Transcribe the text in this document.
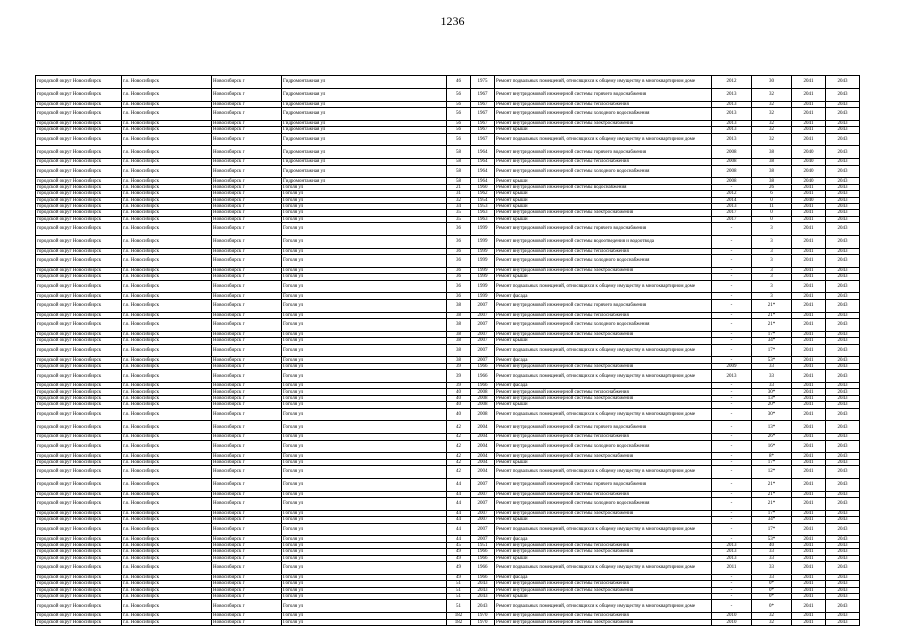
1236
городской округ Новосибирск	г.о. Новосибирск	Новосибирск г	Гидромонтажная ул	46	1975	Ремонт подвальных помещений, относящихся к общему имуществу в многоквартирном доме	2012	30	2041	2043
городской округ Новосибирск	г.о. Новосибирск	Новосибирск г	Гидромонтажная ул	56	1967	Ремонт внутридомовой инженерной системы горячего водоснабжения	2013	32	2041	2043
городской округ Новосибирск	г.о. Новосибирск	Новосибирск г	Гидромонтажная ул	56	1967	Ремонт внутридомовой инженерной системы теплоснабжения	2013	32	2041	2043
городской округ Новосибирск	г.о. Новосибирск	Новосибирск г	Гидромонтажная ул	56	1967	Ремонт внутридомовой инженерной системы холодного водоснабжения	2013	32	2041	2043
городской округ Новосибирск	г.о. Новосибирск	Новосибирск г	Гидромонтажная ул	56	1967	Ремонт внутридомовой инженерной системы электроснабжения	2013	32	2041	2043
городской округ Новосибирск	г.о. Новосибирск	Новосибирск г	Гидромонтажная ул	56	1967	Ремонт крыши	2013	32	2041	2043
городской округ Новосибирск	г.о. Новосибирск	Новосибирск г	Гидромонтажная ул	56	1967	Ремонт подвальных помещений, относящихся к общему имуществу в многоквартирном доме	2013	32	2041	2043
городской округ Новосибирск	г.о. Новосибирск	Новосибирск г	Гидромонтажная ул	58	1964	Ремонт внутридомовой инженерной системы горячего водоснабжения	2008	38	2040	2043
городской округ Новосибирск	г.о. Новосибирск	Новосибирск г	Гидромонтажная ул	58	1964	Ремонт внутридомовой инженерной системы теплоснабжения	2008	38	2040	2043
городской округ Новосибирск	г.о. Новосибирск	Новосибирск г	Гидромонтажная ул	58	1964	Ремонт внутридомовой инженерной системы холодного водоснабжения	2008	38	2040	2043
городской округ Новосибирск	г.о. Новосибирск	Новосибирск г	Гидромонтажная ул	58	1964	Ремонт крыши	2008	38	2040	2043
городской округ Новосибирск	г.о. Новосибирск	Новосибирск г	Гоголя ул	21	1960	Ремонт внутридомовой инженерной системы водоснабжения	-	26	2041	2043
городской округ Новосибирск	г.о. Новосибирск	Новосибирск г	Гоголя ул	31	1962	Ремонт крыши	2012	6	2041	2043
городской округ Новосибирск	г.о. Новосибирск	Новосибирск г	Гоголя ул	32	1954	Ремонт крыши	2014	0	2040	2043
городской округ Новосибирск	г.о. Новосибирск	Новосибирск г	Гоголя ул	34	1953	Ремонт крыши	2013	11	2041	2043
городской округ Новосибирск	г.о. Новосибирск	Новосибирск г	Гоголя ул	35	1963	Ремонт внутридомовой инженерной системы электроснабжения	2017	0	2041	2043
городской округ Новосибирск	г.о. Новосибирск	Новосибирск г	Гоголя ул	35	1963	Ремонт крыши	2017	0	2041	2043
городской округ Новосибирск	г.о. Новосибирск	Новосибирск г	Гоголя ул	36	1999	Ремонт внутридомовой инженерной системы горячего водоснабжения	-	3	2041	2043
городской округ Новосибирск	г.о. Новосибирск	Новосибирск г	Гоголя ул	36	1999	Ремонт внутридомовой инженерной системы водоотведения и водоотвода	-	3	2041	2043
городской округ Новосибирск	г.о. Новосибирск	Новосибирск г	Гоголя ул	36	1999	Ремонт внутридомовой инженерной системы теплоснабжения	-	3	2041	2043
городской округ Новосибирск	г.о. Новосибирск	Новосибирск г	Гоголя ул	36	1999	Ремонт внутридомовой инженерной системы холодного водоснабжения	-	3	2041	2043
городской округ Новосибирск	г.о. Новосибирск	Новосибирск г	Гоголя ул	36	1999	Ремонт внутридомовой инженерной системы электроснабжения	-	3	2041	2043
городской округ Новосибирск	г.о. Новосибирск	Новосибирск г	Гоголя ул	36	1999	Ремонт крыши	-	3	2041	2043
городской округ Новосибирск	г.о. Новосибирск	Новосибирск г	Гоголя ул	36	1999	Ремонт подвальных помещений, относящихся к общему имуществу в многоквартирном доме	-	3	2041	2043
городской округ Новосибирск	г.о. Новосибирск	Новосибирск г	Гоголя ул	36	1999	Ремонт фасада	-	3	2041	2043
городской округ Новосибирск	г.о. Новосибирск	Новосибирск г	Гоголя ул	38	2007	Ремонт внутридомовой инженерной системы горячего водоснабжения	-	21*	2041	2043
городской округ Новосибирск	г.о. Новосибирск	Новосибирск г	Гоголя ул	38	2007	Ремонт внутридомовой инженерной системы теплоснабжения	-	21*	2041	2043
городской округ Новосибирск	г.о. Новосибирск	Новосибирск г	Гоголя ул	38	2007	Ремонт внутридомовой инженерной системы холодного водоснабжения	-	21*	2041	2043
городской округ Новосибирск	г.о. Новосибирск	Новосибирск г	Гоголя ул	38	2007	Ремонт внутридомовой инженерной системы электроснабжения	-	17*	2041	2043
городской округ Новосибирск	г.о. Новосибирск	Новосибирск г	Гоголя ул	38	2007	Ремонт крыши	-	34*	2041	2043
городской округ Новосибирск	г.о. Новосибирск	Новосибирск г	Гоголя ул	38	2007	Ремонт подвальных помещений, относящихся к общему имуществу в многоквартирном доме	-	17*	2041	2043
городской округ Новосибирск	г.о. Новосибирск	Новосибирск г	Гоголя ул	38	2007	Ремонт фасада	-	53*	2041	2043
городской округ Новосибирск	г.о. Новосибирск	Новосибирск г	Гоголя ул	39	1966	Ремонт внутридомовой инженерной системы электроснабжения	2009	33	2041	2043
городской округ Новосибирск	г.о. Новосибирск	Новосибирск г	Гоголя ул	39	1966	Ремонт подвальных помещений, относящихся к общему имуществу в многоквартирном доме	2013	33	2041	2043
городской округ Новосибирск	г.о. Новосибирск	Новосибирск г	Гоголя ул	39	1966	Ремонт фасада	-	33	2041	2043
городской округ Новосибирск	г.о. Новосибирск	Новосибирск г	Гоголя ул	40	2008	Ремонт внутридомовой инженерной системы теплоснабжения	-	30*	2041	2043
городской округ Новосибирск	г.о. Новосибирск	Новосибирск г	Гоголя ул	40	2008	Ремонт внутридомовой инженерной системы электроснабжения	-	13*	2041	2043
городской округ Новосибирск	г.о. Новосибирск	Новосибирск г	Гоголя ул	40	2008	Ремонт крыши	-	20*	2041	2043
городской округ Новосибирск	г.о. Новосибирск	Новосибирск г	Гоголя ул	40	2008	Ремонт подвальных помещений, относящихся к общему имуществу в многоквартирном доме	-	30*	2041	2043
городской округ Новосибирск	г.о. Новосибирск	Новосибирск г	Гоголя ул	42	2004	Ремонт внутридомовой инженерной системы горячего водоснабжения	-	13*	2041	2043
городской округ Новосибирск	г.о. Новосибирск	Новосибирск г	Гоголя ул	42	2004	Ремонт внутридомовой инженерной системы теплоснабжения	-	26*	2041	2043
городской округ Новосибирск	г.о. Новосибирск	Новосибирск г	Гоголя ул	42	2004	Ремонт внутридомовой инженерной системы холодного водоснабжения	-	16*	2041	2043
городской округ Новосибирск	г.о. Новосибирск	Новосибирск г	Гоголя ул	42	2004	Ремонт внутридомовой инженерной системы электроснабжения	-	8*	2041	2043
городской округ Новосибирск	г.о. Новосибирск	Новосибирск г	Гоголя ул	42	2004	Ремонт крыши	-	17*	2041	2043
городской округ Новосибирск	г.о. Новосибирск	Новосибирск г	Гоголя ул	42	2004	Ремонт подвальных помещений, относящихся к общему имуществу в многоквартирном доме	-	12*	2041	2043
городской округ Новосибирск	г.о. Новосибирск	Новосибирск г	Гоголя ул	44	2007	Ремонт внутридомовой инженерной системы горячего водоснабжения	-	21*	2041	2043
городской округ Новосибирск	г.о. Новосибирск	Новосибирск г	Гоголя ул	44	2007	Ремонт внутридомовой инженерной системы теплоснабжения	-	21*	2041	2043
городской округ Новосибирск	г.о. Новосибирск	Новосибирск г	Гоголя ул	44	2007	Ремонт внутридомовой инженерной системы холодного водоснабжения	-	21*	2041	2043
городской округ Новосибирск	г.о. Новосибирск	Новосибирск г	Гоголя ул	44	2007	Ремонт внутридомовой инженерной системы электроснабжения	-	17*	2041	2043
городской округ Новосибирск	г.о. Новосибирск	Новосибирск г	Гоголя ул	44	2007	Ремонт крыши	-	34*	2041	2043
городской округ Новосибирск	г.о. Новосибирск	Новосибирск г	Гоголя ул	44	2007	Ремонт подвальных помещений, относящихся к общему имуществу в многоквартирном доме	-	17*	2041	2043
городской округ Новосибирск	г.о. Новосибирск	Новосибирск г	Гоголя ул	44	2007	Ремонт фасада	-	53*	2041	2043
городской округ Новосибирск	г.о. Новосибирск	Новосибирск г	Гоголя ул	45	1951	Ремонт внутридомовой инженерной системы теплоснабжения	2013	40	2041	2043
городской округ Новосибирск	г.о. Новосибирск	Новосибирск г	Гоголя ул	49	1966	Ремонт внутридомовой инженерной системы электроснабжения	2013	33	2041	2043
городской округ Новосибирск	г.о. Новосибирск	Новосибирск г	Гоголя ул	49	1966	Ремонт крыши	2013	33	2041	2043
городской округ Новосибирск	г.о. Новосибирск	Новосибирск г	Гоголя ул	49	1966	Ремонт подвальных помещений, относящихся к общему имуществу в многоквартирном доме	2011	33	2041	2043
городской округ Новосибирск	г.о. Новосибирск	Новосибирск г	Гоголя ул	49	1966	Ремонт фасада	-	33	2041	2043
городской округ Новосибирск	г.о. Новосибирск	Новосибирск г	Гоголя ул	51	2043	Ремонт внутридомовой инженерной системы теплоснабжения	-	0*	2041	2043
городской округ Новосибирск	г.о. Новосибирск	Новосибирск г	Гоголя ул	51	2043	Ремонт внутридомовой инженерной системы электроснабжения	-	0*	2041	2043
городской округ Новосибирск	г.о. Новосибирск	Новосибирск г	Гоголя ул	51	2043	Ремонт крыши	-	0*	2041	2043
городской округ Новосибирск	г.о. Новосибирск	Новосибирск г	Гоголя ул	51	2043	Ремонт подвальных помещений, относящихся к общему имуществу в многоквартирном доме	-	0*	2041	2043
городской округ Новосибирск	г.о. Новосибирск	Новосибирск г	Гоголя ул	182	1970	Ремонт внутридомовой инженерной системы теплоснабжения	2010	32	2041	2043
городской округ Новосибирск	г.о. Новосибирск	Новосибирск г	Гоголя ул	182	1970	Ремонт внутридомовой инженерной системы электроснабжения	2010	32	2041	2043
